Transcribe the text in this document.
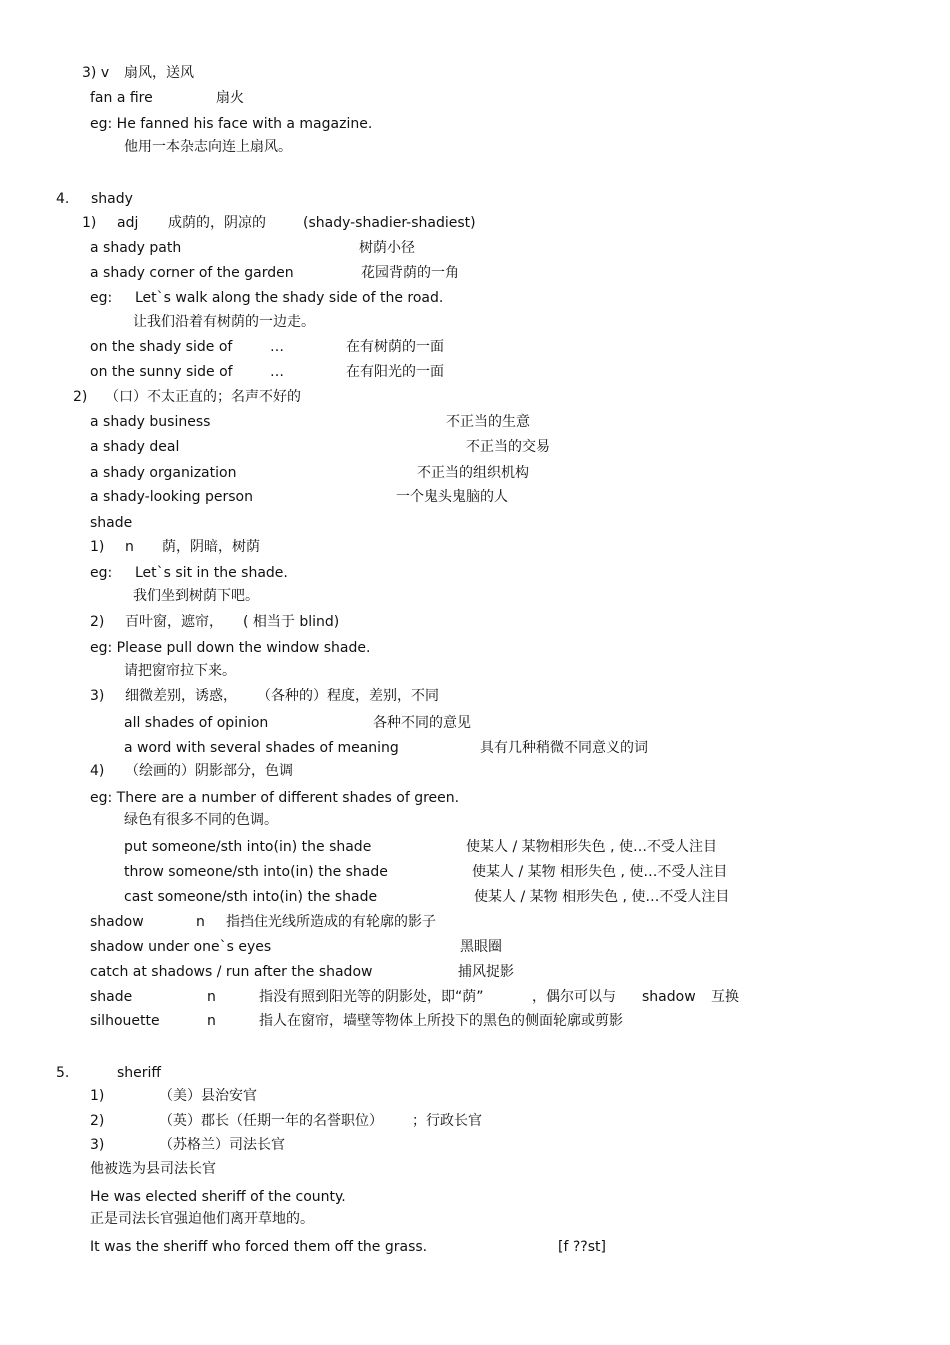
3) v 扇风，送风
fan a fire	扇火
eg: He fanned his face with a magazine.
他用一本杂志向连上扇风。
4. shady
1) adj 成荫的，阴凉的	(shady-shadier-shadiest)
a shady path	树荫小径
a shady corner of the garden	花园背荫的一角
eg: Let`s walk along the shady side of the road.
让我们沿着有树荫的一边走。
on the shady side of	…	在有树荫的一面
on the sunny side of	…	在有阳光的一面
2) （口）不太正直的；名声不好的
a shady business	不正当的生意
a shady deal	不正当的交易
a shady organization	不正当的组织机构
a shady-looking person	一个鬼头鬼脑的人
shade
1) n 荫，阴暗，树荫
eg: Let`s sit in the shade.
我们坐到树荫下吧。
2) 百叶窗，遮帘， ( 相当于 blind)
eg: Please pull down the window shade.
请把窗帘拉下来。
3) 细微差别，诱惑， （各种的）程度，差别，不同
all shades of opinion	各种不同的意见
a word with several shades of meaning	具有几种稍微不同意义的词
4) （绘画的）阴影部分，色调
eg: There are a number of different shades of green.
绿色有很多不同的色调。
put someone/sth into(in) the shade	使某人 / 某物相形失色 , 使…不受人注目
throw someone/sth into(in) the shade	使某人 / 某物 相形失色 , 使…不受人注目
cast someone/sth into(in) the shade	使某人 / 某物 相形失色 , 使…不受人注目
shadow	n 指挡住光线所造成的有轮廓的影子
shadow under one`s eyes	黑眼圈
catch at shadows / run after the shadow	捕风捉影
shade	n	指没有照到阳光等的阴影处，即“荫”	，偶尔可以与 shadow 互换
silhouette	n	指人在窗帘，墙壁等物体上所投下的黑色的侧面轮廓或剪影
5.	sheriff
1)	（美）县治安官
2)	（英）郡长（任期一年的名誉职位） ；行政长官
3)	（苏格兰）司法长官
他被选为县司法长官
He was elected sheriff of the county.
正是司法长官强迫他们离开草地的。
It was the sheriff who forced them off the grass.	[f ??st]
